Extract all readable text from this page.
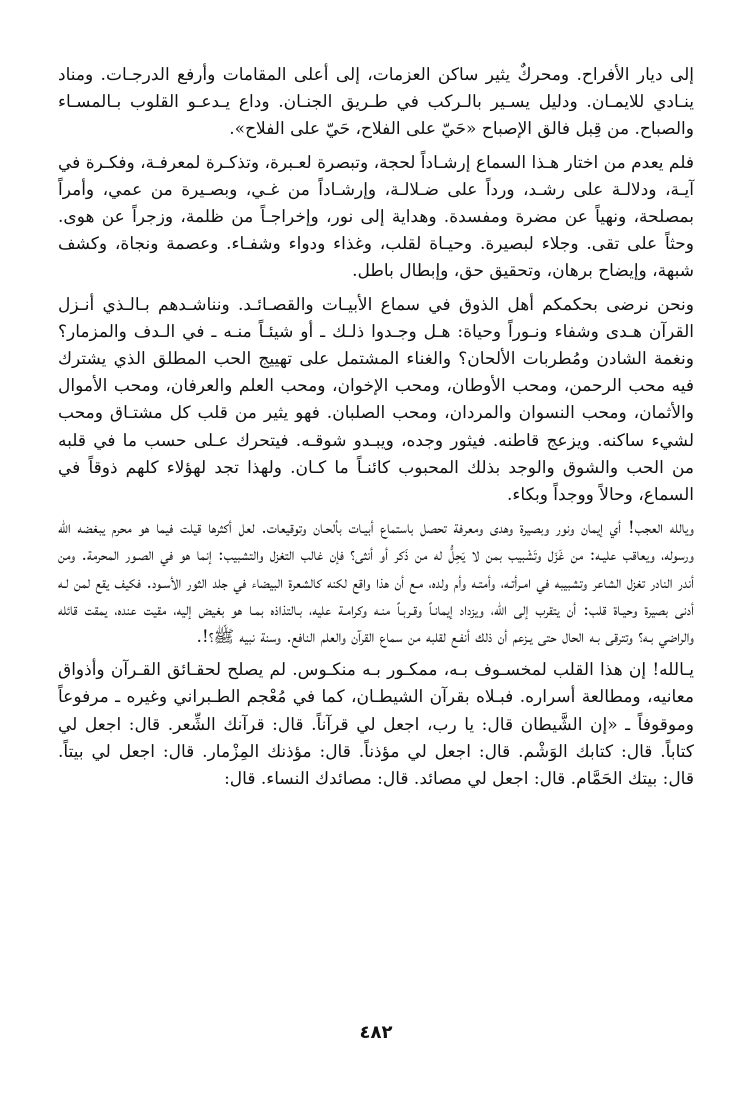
إلى ديار الأفراح. ومحركٌ يثير ساكن العزمات، إلى أعلى المقامات وأرفع الدرجـات. ومناد ينـادي للايمـان. ودليل يسـير بالـركب في طـريق الجنـان. وداع يـدعـو القلوب بـالمسـاء والصباح. من قِبل فالق الإصباح «حَيّ على الفلاح، حَيّ على الفلاح».

فلم يعدم من اختار هـذا السماع إرشـاداً لحجة، وتبصرة لعـبرة، وتذكـرة لمعرفـة، وفكـرة في آيـة، ودلالـة على رشـد، ورداً على ضـلالـة، وإرشـاداً من غـي، وبصـيرة من عمي، وأمراً بمصلحة، ونهياً عن مضرة ومفسدة. وهداية إلى نور، وإخراجـاً من ظلمة، وزجراً عن هوى. وحثاً على تقى. وجلاء لبصيرة. وحيـاة لقلب، وغذاء ودواء وشفـاء. وعصمة ونجاة، وكشف شبهة، وإيضاح برهان، وتحقيق حق، وإبطال باطل.

ونحن نرضى بحكمكم أهل الذوق في سماع الأبيـات والقصـائـد. ونناشـدهم بـالـذي أنـزل القرآن هـدى وشفاء ونـوراً وحياة: هـل وجـدوا ذلـك ـ أو شيئـاً منـه ـ في الـدف والمزمار؟ ونغمة الشادن ومُطربات الألحان؟ والغناء المشتمل على تهييج الحب المطلق الذي يشترك فيه محب الرحمن، ومحب الأوطان، ومحب الإخوان، ومحب العلم والعرفان، ومحب الأموال والأثمان، ومحب النسوان والمردان، ومحب الصلبان. فهو يثير من قلب كل مشتـاق ومحب لشيء ساكنه. ويزعج قاطنه. فيثور وجده، ويبـدو شوقـه. فيتحرك عـلى حسب ما في قلبه من الحب والشوق والوجد بذلك المحبوب كائنـاً ما كـان. ولهذا تجد لهؤلاء كلهم ذوقاً في السماع، وحالاً ووجداً وبكاء.

ويالله العجب! أي إيمان ونور وبصيرة وهدى ومعرفة تحصل باستماع أبيـات بألحـان وتوقيعات. لعل أكثرها قيلت فيما هو محرم يبغضه الله ورسوله، ويعاقب عليـه: من غَزَل وتَشْبيب بمن لا يَحِلُّ له من ذَكر أو أنثى؟ فإن غالب التغزل والتشبيب: إنما هو في الصـور المحرمة. ومن أندر النادر تغزل الشاعر وتشبيبه في امـرأتـه، وأمتـه وأم ولده، مـع أن هذا واقع لكنه كالشعرة البيضاء في جلد الثور الأسـود. فكيف يقع لمن لـه أدنى بصيرة وحيـاة قلب: أن يتقرب إلى الله، ويزداد إيمانـاً وقـربـاً منـه وكرامـة عليه، بـالتذاذه بمـا هو بغيض إليه، مقيت عنده، يمقت قائله والراضي بـه؟ وتترقى بـه الحال حتى يـزعم أن ذلك أنفـع لقلبه من سماع القرآن والعلم النافع. وسنة نبيه ﷺ؟!.

يـالله! إن هذا القلب لمخسـوف بـه، ممكـور بـه منكـوس. لم يصلح لحقـائق القـرآن وأذواق معانيه، ومطالعة أسراره. فبـلاه بقرآن الشيطـان، كما في مُعْجم الطـبراني وغيره ـ مرفوعاً وموقوفاً ـ «إن الشَّيطان قال: يا رب، اجعل لي قرآناً. قال: قرآنك الشِّعر. قال: اجعل لي كتاباً. قال: كتابك الوَشْم. قال: اجعل لي مؤذناً. قال: مؤذنك المِزْمار. قال: اجعل لي بيتاً. قال: بيتك الحَمَّام. قال: اجعل لي مصائد. قال: مصائدك النساء. قال:

٤٨٢
